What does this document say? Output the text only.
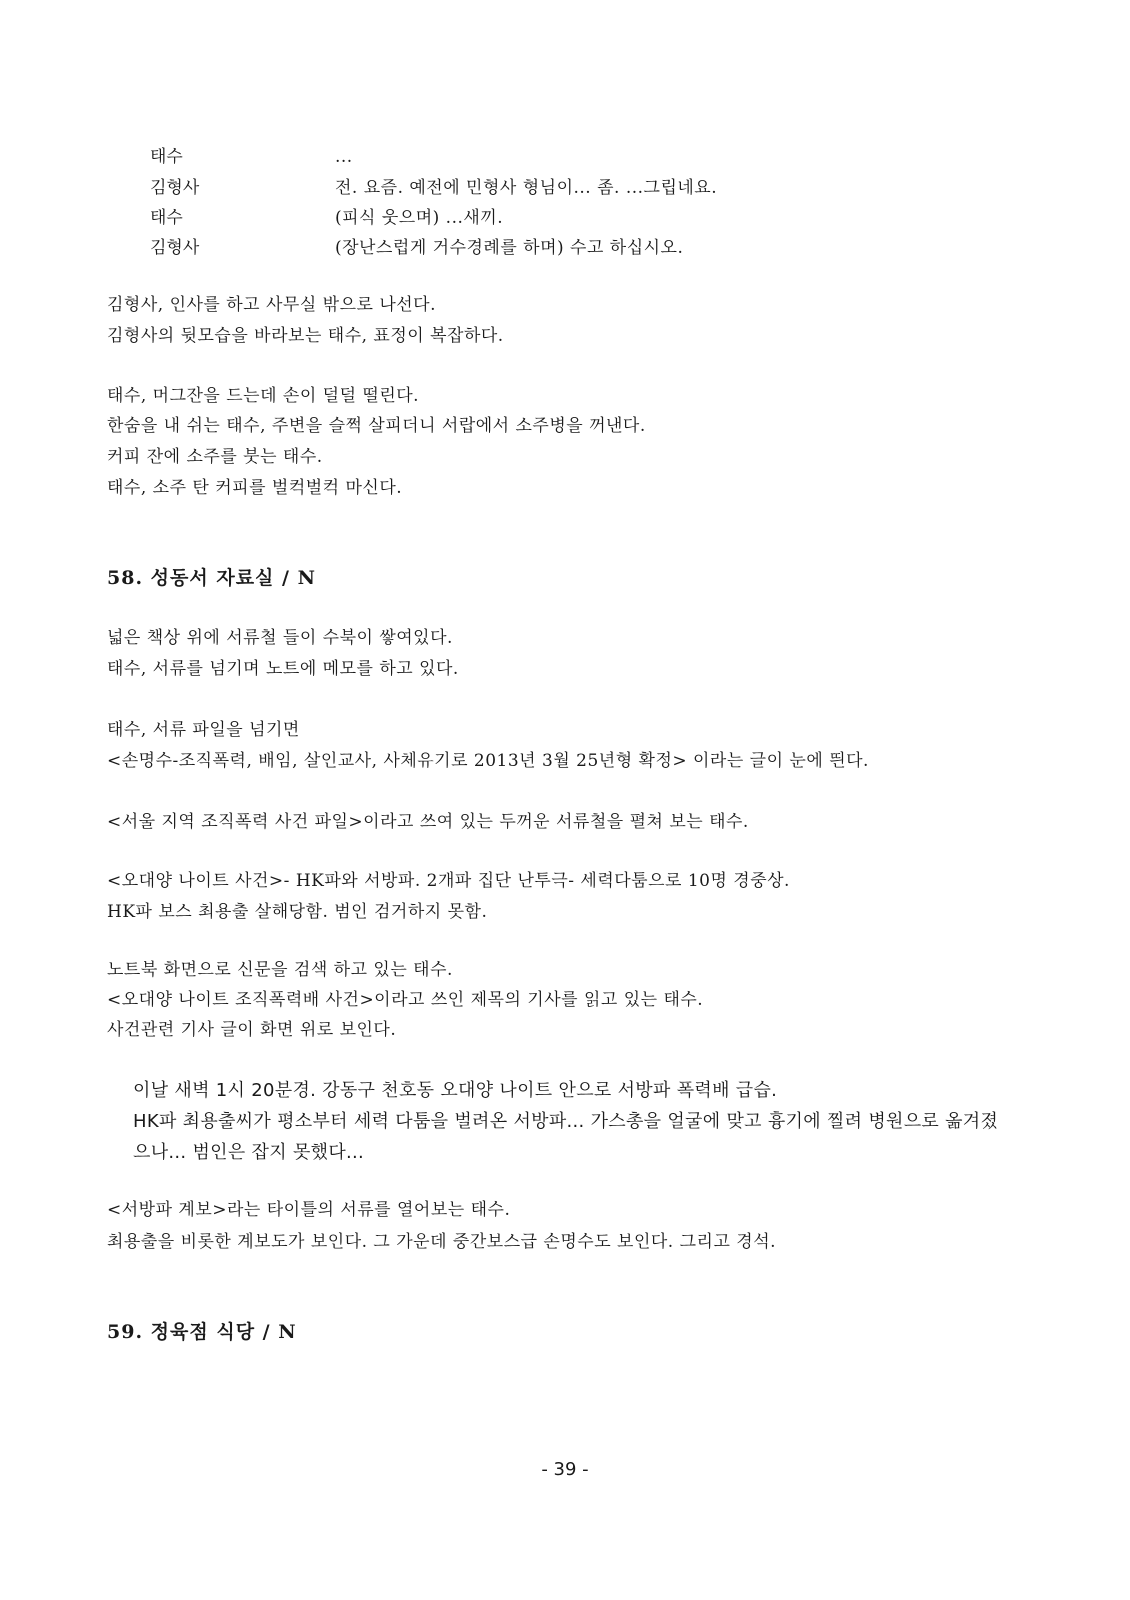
태수	...
김형사	전. 요즘. 예전에 민형사 형님이... 좀. ...그립네요.
태수	(피식 웃으며) ...새끼.
김형사	(장난스럽게 거수경례를 하며) 수고 하십시오.
김형사, 인사를 하고 사무실 밖으로 나선다.
김형사의 뒷모습을 바라보는 태수, 표정이 복잡하다.
태수, 머그잔을 드는데 손이 덜덜 떨린다.
한숨을 내 쉬는 태수, 주변을 슬쩍 살피더니 서랍에서 소주병을 꺼낸다.
커피 잔에 소주를 붓는 태수.
태수, 소주 탄 커피를 벌컥벌컥 마신다.
58. 성동서 자료실 / N
넓은 책상 위에 서류철 들이 수북이 쌓여있다.
태수, 서류를 넘기며 노트에 메모를 하고 있다.
태수, 서류 파일을 넘기면
<손명수-조직폭력, 배임, 살인교사, 사체유기로 2013년 3월 25년형 확정> 이라는 글이 눈에 띈다.
<서울 지역 조직폭력 사건 파일>이라고 쓰여 있는 두꺼운 서류철을 펼쳐 보는 태수.
<오대양 나이트 사건>- HK파와 서방파. 2개파 집단 난투극- 세력다툼으로 10명 경중상.
HK파 보스 최용출 살해당함. 범인 검거하지 못함.
노트북 화면으로 신문을 검색 하고 있는 태수.
<오대양 나이트 조직폭력배 사건>이라고 쓰인 제목의 기사를 읽고 있는 태수.
사건관련 기사 글이 화면 위로 보인다.
이날 새벽 1시 20분경. 강동구 천호동 오대양 나이트 안으로 서방파 폭력배 급습.
HK파 최용출씨가 평소부터 세력 다툼을 벌려온 서방파... 가스총을 얼굴에 맞고 흉기에 찔려 병원으로 옮겨졌으나... 범인은 잡지 못했다...
<서방파 계보>라는 타이틀의 서류를 열어보는 태수.
최용출을 비롯한 계보도가 보인다. 그 가운데 중간보스급 손명수도 보인다. 그리고 경석.
59. 정육점 식당 / N
- 39 -
